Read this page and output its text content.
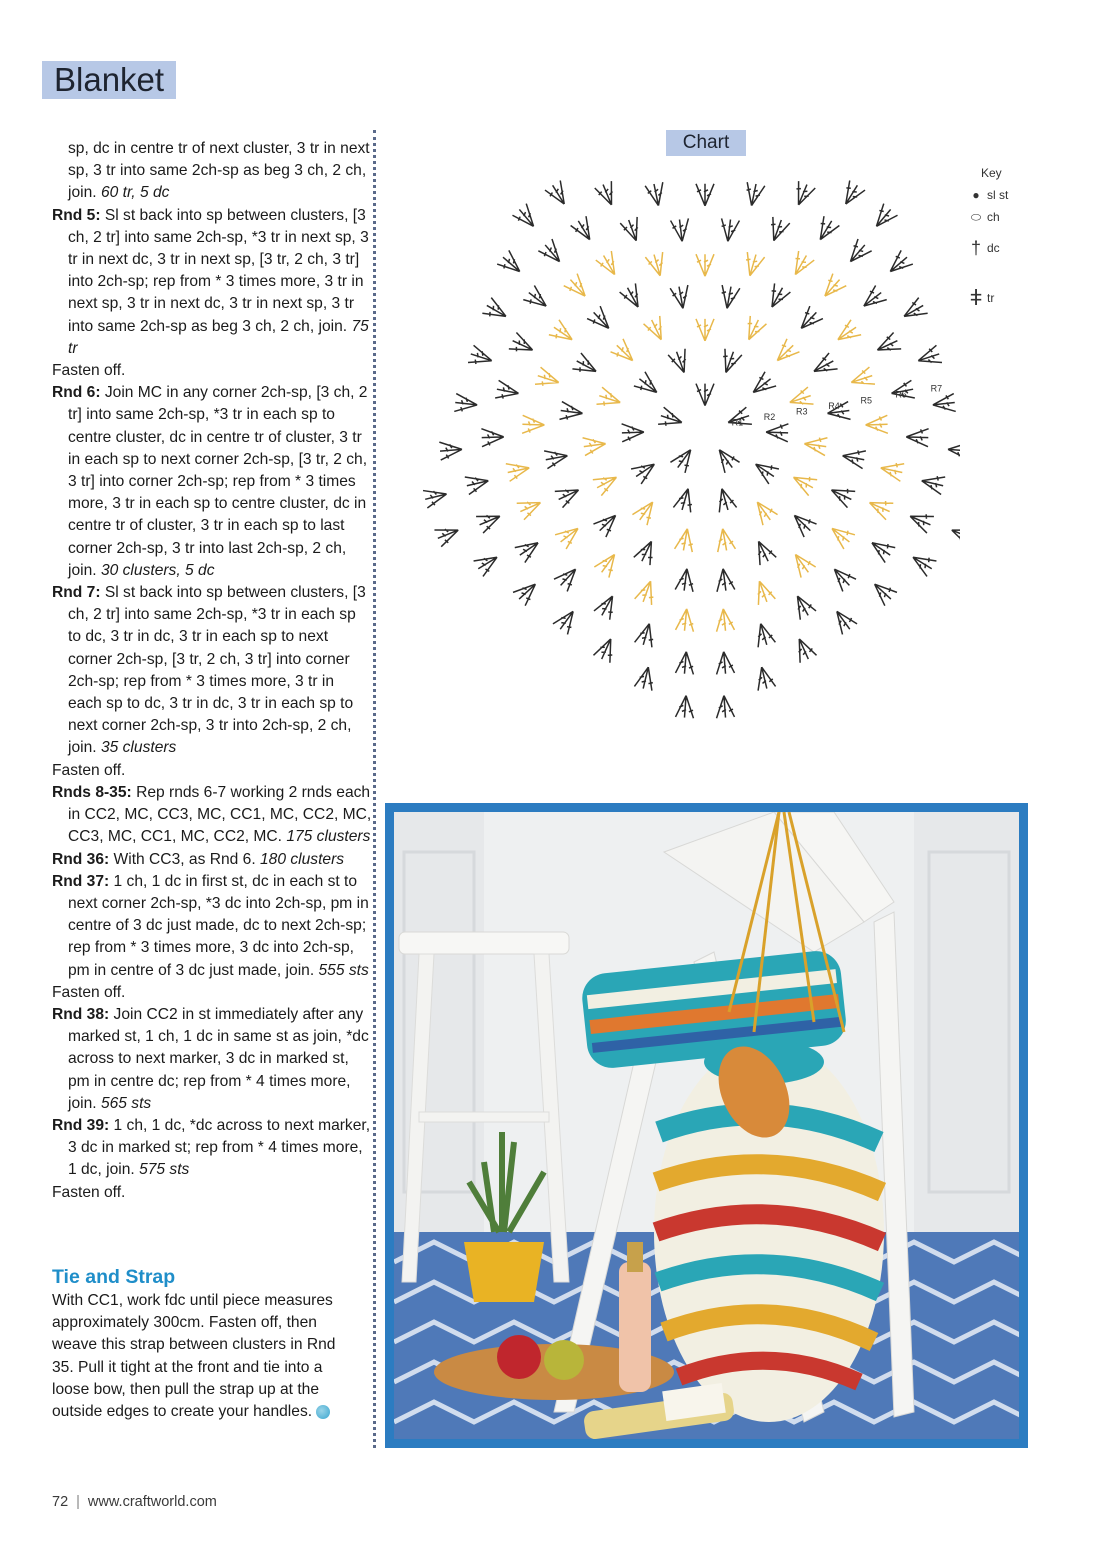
Blanket

sp, dc in centre tr of next cluster, 3 tr in next sp, 3 tr into same 2ch-sp as beg 3 ch, 2 ch, join. 60 tr, 5 dc

Rnd 5: Sl st back into sp between clusters, [3 ch, 2 tr] into same 2ch-sp, *3 tr in next sp, 3 tr in next dc, 3 tr in next sp, [3 tr, 2 ch, 3 tr] into 2ch-sp; rep from * 3 times more, 3 tr in next sp, 3 tr in next dc, 3 tr in next sp, 3 tr into same 2ch-sp as beg 3 ch, 2 ch, join. 75 tr

Fasten off.

Rnd 6: Join MC in any corner 2ch-sp, [3 ch, 2 tr] into same 2ch-sp, *3 tr in each sp to centre cluster, dc in centre tr of cluster, 3 tr in each sp to next corner 2ch-sp, [3 tr, 2 ch, 3 tr] into corner 2ch-sp; rep from * 3 times more, 3 tr in each sp to centre cluster, dc in centre tr of cluster, 3 tr in each sp to last corner 2ch-sp, 3 tr into last 2ch-sp, 2 ch, join. 30 clusters, 5 dc

Rnd 7: Sl st back into sp between clusters, [3 ch, 2 tr] into same 2ch-sp, *3 tr in each sp to dc, 3 tr in dc, 3 tr in each sp to next corner 2ch-sp, [3 tr, 2 ch, 3 tr] into corner 2ch-sp; rep from * 3 times more, 3 tr in each sp to dc, 3 tr in dc, 3 tr in each sp to next corner 2ch-sp, 3 tr into 2ch-sp, 2 ch, join. 35 clusters

Fasten off.

Rnds 8-35: Rep rnds 6-7 working 2 rnds each in CC2, MC, CC3, MC, CC1, MC, CC2, MC, CC3, MC, CC1, MC, CC2, MC. 175 clusters

Rnd 36: With CC3, as Rnd 6. 180 clusters

Rnd 37: 1 ch, 1 dc in first st, dc in each st to next corner 2ch-sp, *3 dc into 2ch-sp, pm in centre of 3 dc just made, dc to next 2ch-sp; rep from * 3 times more, 3 dc into 2ch-sp, pm in centre of 3 dc just made, join. 555 sts

Fasten off.

Rnd 38: Join CC2 in st immediately after any marked st, 1 ch, 1 dc in same st as join, *dc across to next marker, 3 dc in marked st, pm in centre dc; rep from * 4 times more, join. 565 sts

Rnd 39: 1 ch, 1 dc, *dc across to next marker, 3 dc in marked st; rep from * 4 times more, 1 dc, join. 575 sts

Fasten off.

Tie and Strap

With CC1, work fdc until piece measures approximately 300cm. Fasten off, then weave this strap between clusters in Rnd 35. Pull it tight at the front and tie into a loose bow, then pull the strap up at the outside edges to create your handles.

Chart
R1
R2
R3
R4
R5
R6
R7
Key
● sl st
⬭ ch
† dc
ǂ tr
72 | www.craftworld.com
